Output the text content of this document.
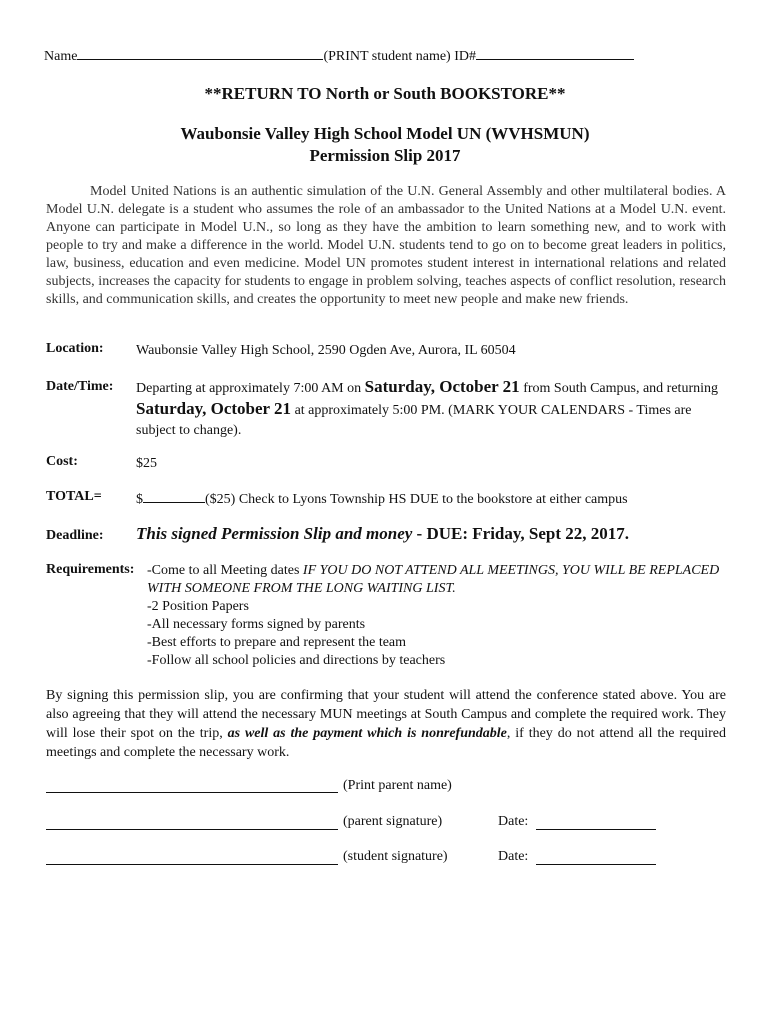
Name	(PRINT student name) ID#
**RETURN TO North or South BOOKSTORE**
Waubonsie Valley High School Model UN (WVHSMUN)
Permission Slip 2017
Model United Nations is an authentic simulation of the U.N. General Assembly and other multilateral bodies. A Model U.N. delegate is a student who assumes the role of an ambassador to the United Nations at a Model U.N. event. Anyone can participate in Model U.N., so long as they have the ambition to learn something new, and to work with people to try and make a difference in the world. Model U.N. students tend to go on to become great leaders in politics, law, business, education and even medicine. Model UN promotes student interest in international relations and related subjects, increases the capacity for students to engage in problem solving, teaches aspects of conflict resolution, research skills, and communication skills, and creates the opportunity to meet new people and make new friends.
Location: Waubonsie Valley High School, 2590 Ogden Ave, Aurora, IL 60504
Date/Time: Departing at approximately 7:00 AM on Saturday, October 21 from South Campus, and returning Saturday, October 21 at approximately 5:00 PM. (MARK YOUR CALENDARS - Times are subject to change).
Cost:	$25
TOTAL= $	($25) Check to Lyons Township HS DUE to the bookstore at either campus
Deadline: This signed Permission Slip and money - DUE: Friday, Sept 22, 2017.
Requirements: -Come to all Meeting dates IF YOU DO NOT ATTEND ALL MEETINGS, YOU WILL BE REPLACED WITH SOMEONE FROM THE LONG WAITING LIST.
-2 Position Papers
-All necessary forms signed by parents
-Best efforts to prepare and represent the team
-Follow all school policies and directions by teachers
By signing this permission slip, you are confirming that your student will attend the conference stated above. You are also agreeing that they will attend the necessary MUN meetings at South Campus and complete the required work. They will lose their spot on the trip, as well as the payment which is nonrefundable, if they do not attend all the required meetings and complete the necessary work.
(Print parent name)
(parent signature)	Date:
(student signature)	Date:
